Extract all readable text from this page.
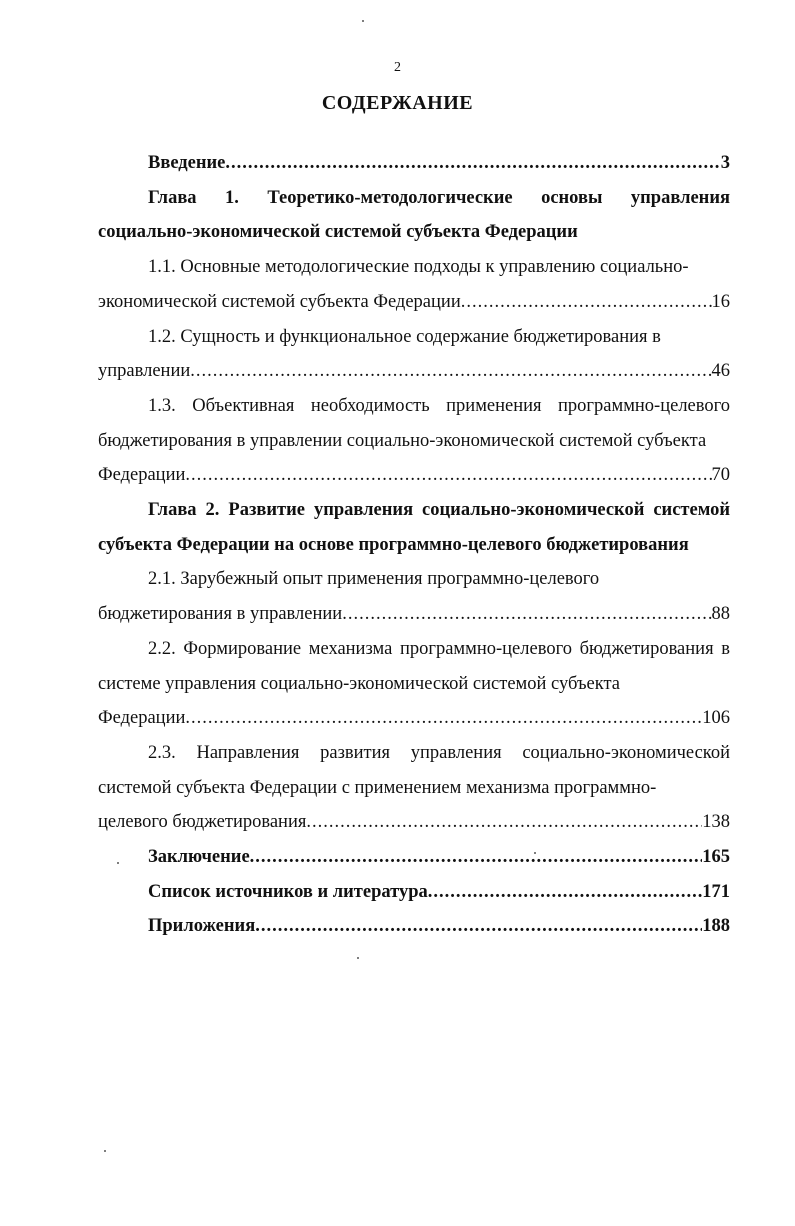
2
СОДЕРЖАНИЕ
Введение .....	3
Глава 1. Теоретико-методологические основы управления социально-экономической системой субъекта Федерации
1.1. Основные методологические подходы к управлению социально-
экономической системой субъекта Федерации .....	16
1.2. Сущность и функциональное содержание бюджетирования в
управлении .....	46
1.3. Объективная необходимость применения программно-целевого бюджетирования в управлении социально-экономической системой субъекта
Федерации .....	70
Глава 2. Развитие управления социально-экономической системой субъекта Федерации на основе программно-целевого бюджетирования
2.1. Зарубежный опыт применения программно-целевого
бюджетирования в управлении .....	88
2.2. Формирование механизма программно-целевого бюджетирования в системе управления социально-экономической системой субъекта
Федерации .....	106
2.3. Направления развития управления социально-экономической системой субъекта Федерации с применением механизма программно-
целевого бюджетирования .....	138
Заключение .....	165
Список источников и литература .....	171
Приложения .....	188
